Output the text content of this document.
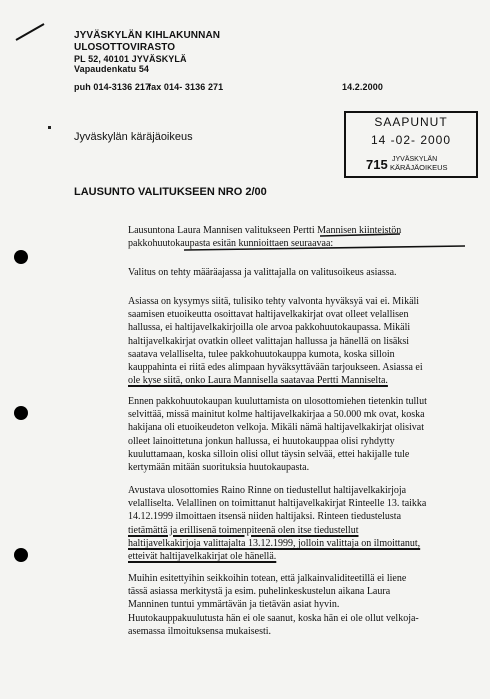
JYVÄSKYLÄN KIHLAKUNNAN
ULOSOTTOVIRASTO
PL 52, 40101 JYVÄSKYLÄ
Vapaudenkatu 54
puh 014-3136 217
fax 014- 3136 271	14.2.2000
Jyväskylän käräjäoikeus
SAAPUNUT
14 -02- 2000
715 JYVÄSKYLÄN
KÄRÄJÄOIKEUS
LAUSUNTO VALITUKSEEN NRO 2/00
Lausuntona Laura Mannisen valitukseen Pertti Mannisen kiinteistön
pakkohuutokaupasta esitän kunnioittaen seuraavaa:
Valitus on tehty määräajassa ja valittajalla on valitusoikeus asiassa.
Asiassa on kysymys siitä, tulisiko tehty valvonta hyväksyä vai ei. Mikäli
saamisen etuoikeutta osoittavat haltijavelkakirjat ovat olleet velallisen
hallussa, ei haltijavelkakirjoilla ole arvoa pakkohuutokaupassa. Mikäli
haltijavelkakirjat ovatkin olleet valittajan hallussa ja hänellä on lisäksi
saatava velalliselta, tulee pakkohuutokauppa kumota, koska silloin
kauppahinta ei riitä edes alimpaan hyväksyttävään tarjoukseen. Asiassa ei
ole kyse siitä, onko Laura Mannisella saatavaa Pertti Manniselta.
Ennen pakkohuutokaupan kuuluttamista on ulosottomiehen tietenkin tullut
selvittää, missä mainitut kolme haltijavelkakirjaa a 50.000 mk ovat, koska
hakijana oli etuoikeudeton velkoja. Mikäli nämä haltijavelkakirjat olisivat
olleet lainoittetuna jonkun hallussa, ei huutokauppaa olisi ryhdytty
kuuluttamaan, koska silloin olisi ollut täysin selvää, ettei hakijalle tule
kertymään mitään suorituksia huutokaupasta.
Avustava ulosottomies Raino Rinne on tiedustellut haltijavelkakirjoja
velalliselta. Velallinen on toimittanut haltijavelkakirjat Rinteelle 13. taikka
14.12.1999 ilmoittaen itsensä niiden haltijaksi. Rinteen tiedustelusta
tietämättä ja erillisenä toimenpiteenä olen itse tiedustellut
haltijavelkakirjoja valittajalta 13.12.1999, jolloin valittaja on ilmoittanut,
etteivät haltijavelkakirjat ole hänellä.
Muihin esitettyihin seikkoihin totean, että jalkainvaliditeetillä ei liene
tässä asiassa merkitystä ja esim. puhelinkeskustelun aikana Laura
Manninen tuntui ymmärtävän ja tietävän asiat hyvin.
Huutokauppakuulutusta hän ei ole saanut, koska hän ei ole ollut velkoja-
asemassa ilmoituksensa mukaisesti.
